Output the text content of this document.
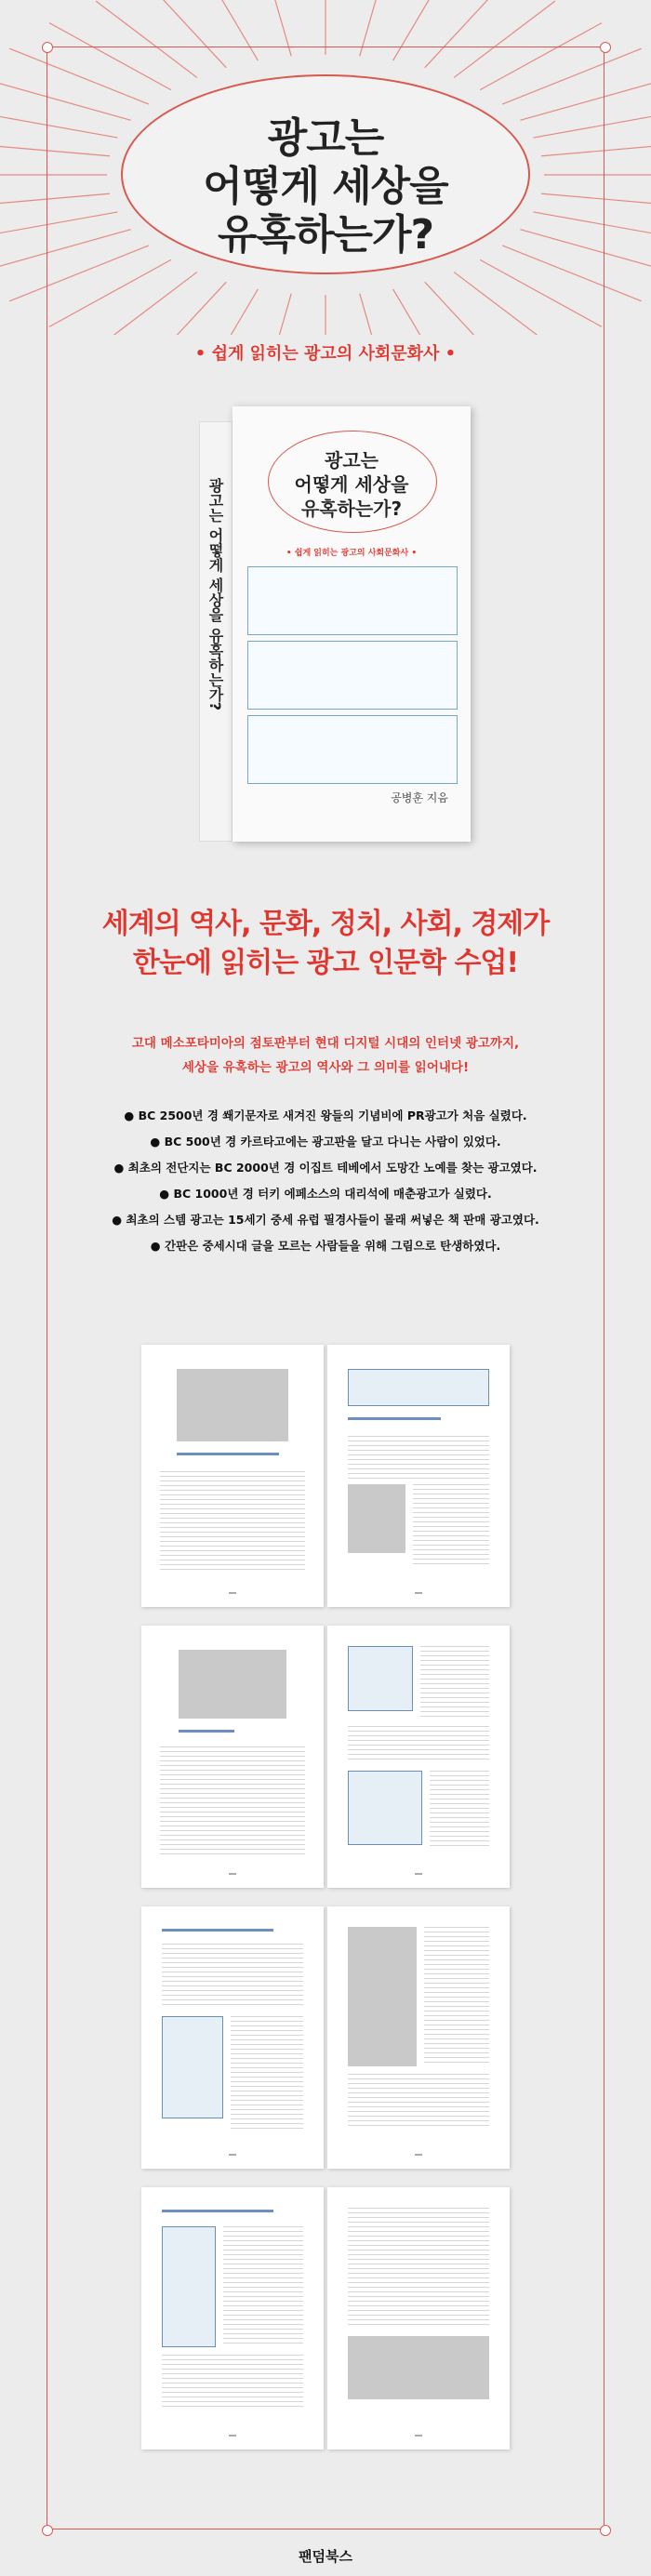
광고는
어떻게 세상을
유혹하는가?
• 쉽게 읽히는 광고의 사회문화사 •
광고는 어떻게 세상을 유혹하는가?
광고는
어떻게 세상을
유혹하는가?
• 쉽게 읽히는 광고의 사회문화사 •
공병훈 지음
세계의 역사, 문화, 정치, 사회, 경제가
한눈에 읽히는 광고 인문학 수업!
고대 메소포타미아의 점토판부터 현대 디지털 시대의 인터넷 광고까지,
세상을 유혹하는 광고의 역사와 그 의미를 읽어내다!
● BC 2500년 경 쐐기문자로 새겨진 왕들의 기념비에 PR광고가 처음 실렸다.
● BC 500년 경 카르타고에는 광고판을 달고 다니는 사람이 있었다.
● 최초의 전단지는 BC 2000년 경 이집트 테베에서 도망간 노예를 찾는 광고였다.
● BC 1000년 경 터키 에페소스의 대리석에 매춘광고가 실렸다.
● 최초의 스템 광고는 15세기 중세 유럽 필경사들이 몰래 써넣은 책 판매 광고였다.
● 간판은 중세시대 글을 모르는 사람들을 위해 그림으로 탄생하였다.
팬덤북스
